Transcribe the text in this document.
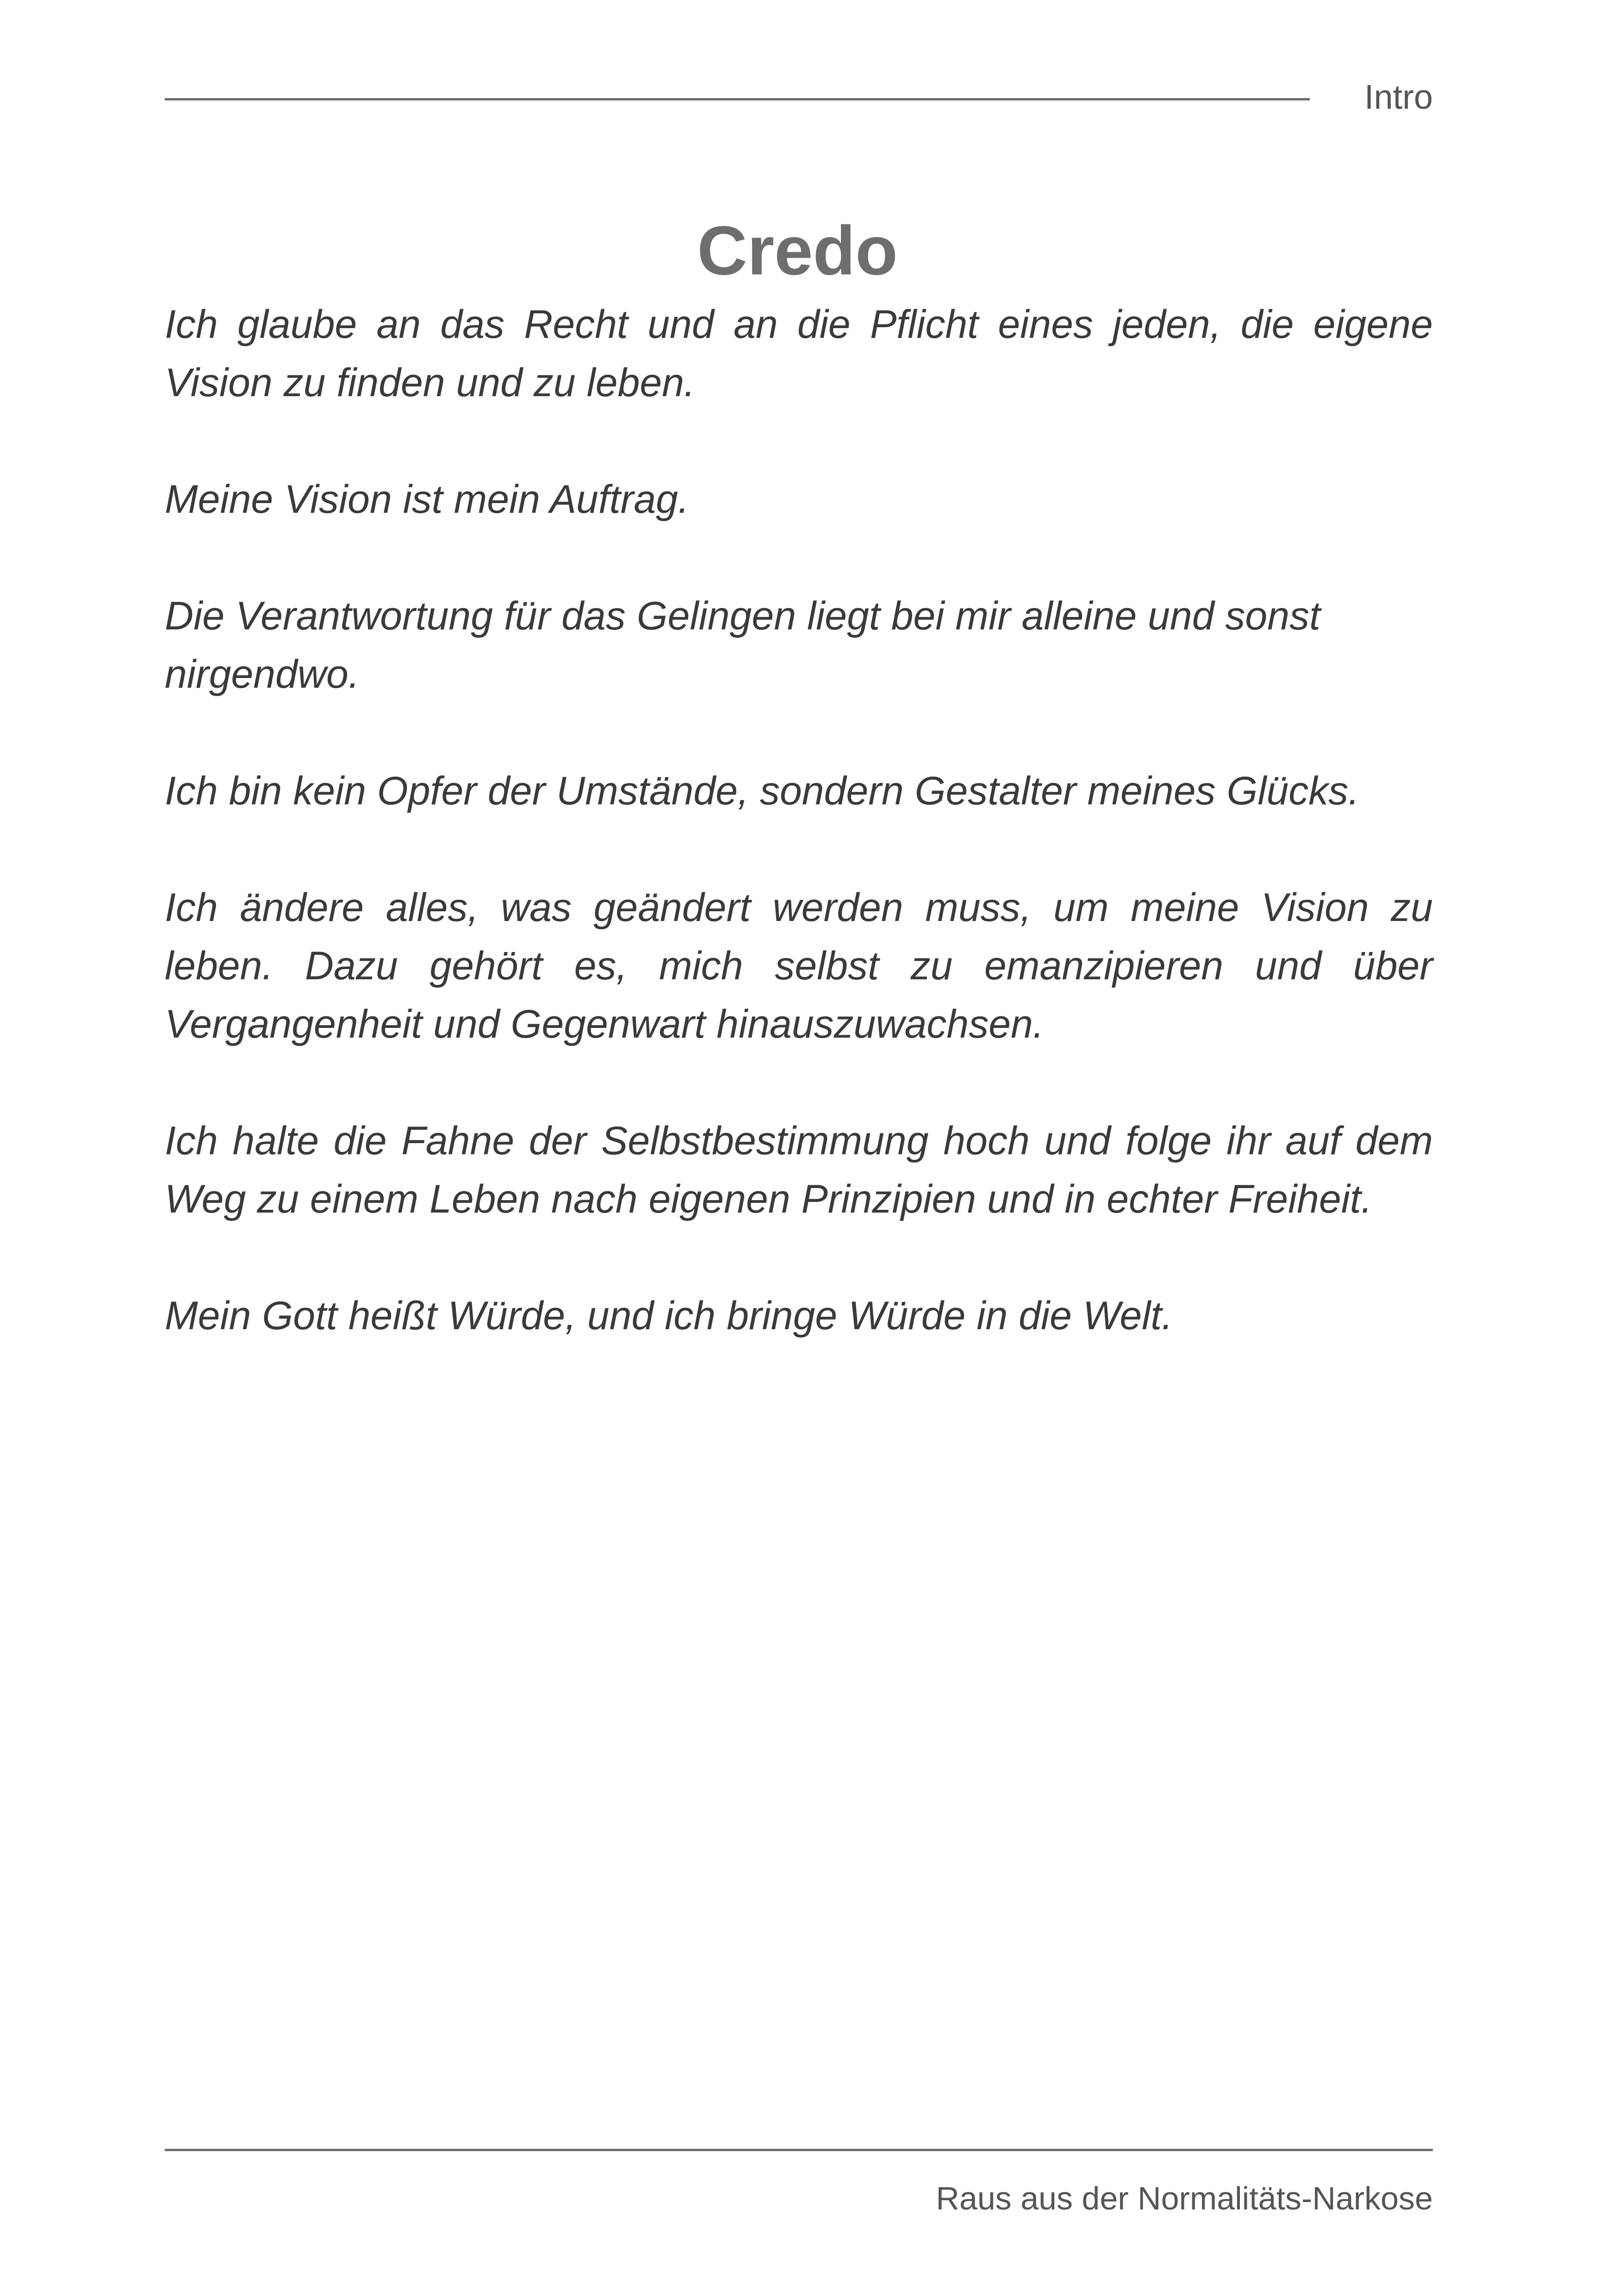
Intro
Credo

Ich glaube an das Recht und an die Pflicht eines jeden, die eigene Vision zu finden und zu leben.

Meine Vision ist mein Auftrag.

Die Verantwortung für das Gelingen liegt bei mir alleine und sonst nirgendwo.

Ich bin kein Opfer der Umstände, sondern Gestalter meines Glücks.

Ich ändere alles, was geändert werden muss, um meine Vision zu leben. Dazu gehört es, mich selbst zu emanzipieren und über Vergangenheit und Gegenwart hinauszuwachsen.

Ich halte die Fahne der Selbstbestimmung hoch und folge ihr auf dem Weg zu einem Leben nach eigenen Prinzipien und in echter Freiheit.

Mein Gott heißt Würde, und ich bringe Würde in die Welt.

Raus aus der Normalitäts-Narkose
